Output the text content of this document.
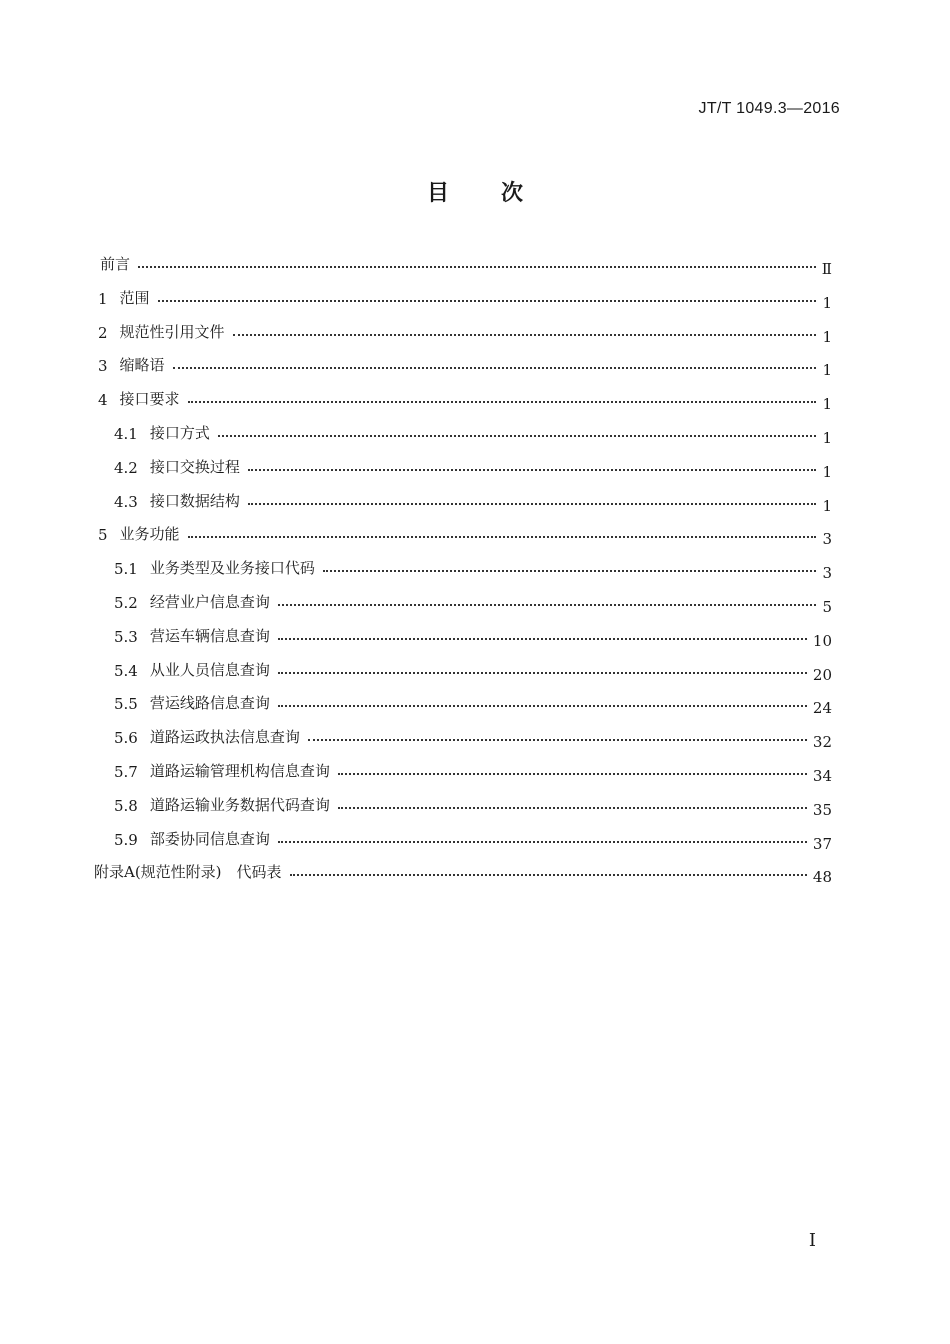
JT/T 1049.3—2016
目 次
前言	Ⅱ
1 范围	1
2 规范性引用文件	1
3 缩略语	1
4 接口要求	1
4.1 接口方式	1
4.2 接口交换过程	1
4.3 接口数据结构	1
5 业务功能	3
5.1 业务类型及业务接口代码	3
5.2 经营业户信息查询	5
5.3 营运车辆信息查询	10
5.4 从业人员信息查询	20
5.5 营运线路信息查询	24
5.6 道路运政执法信息查询	32
5.7 道路运输管理机构信息查询	34
5.8 道路运输业务数据代码查询	35
5.9 部委协同信息查询	37
附录A(规范性附录)　代码表	48
I
